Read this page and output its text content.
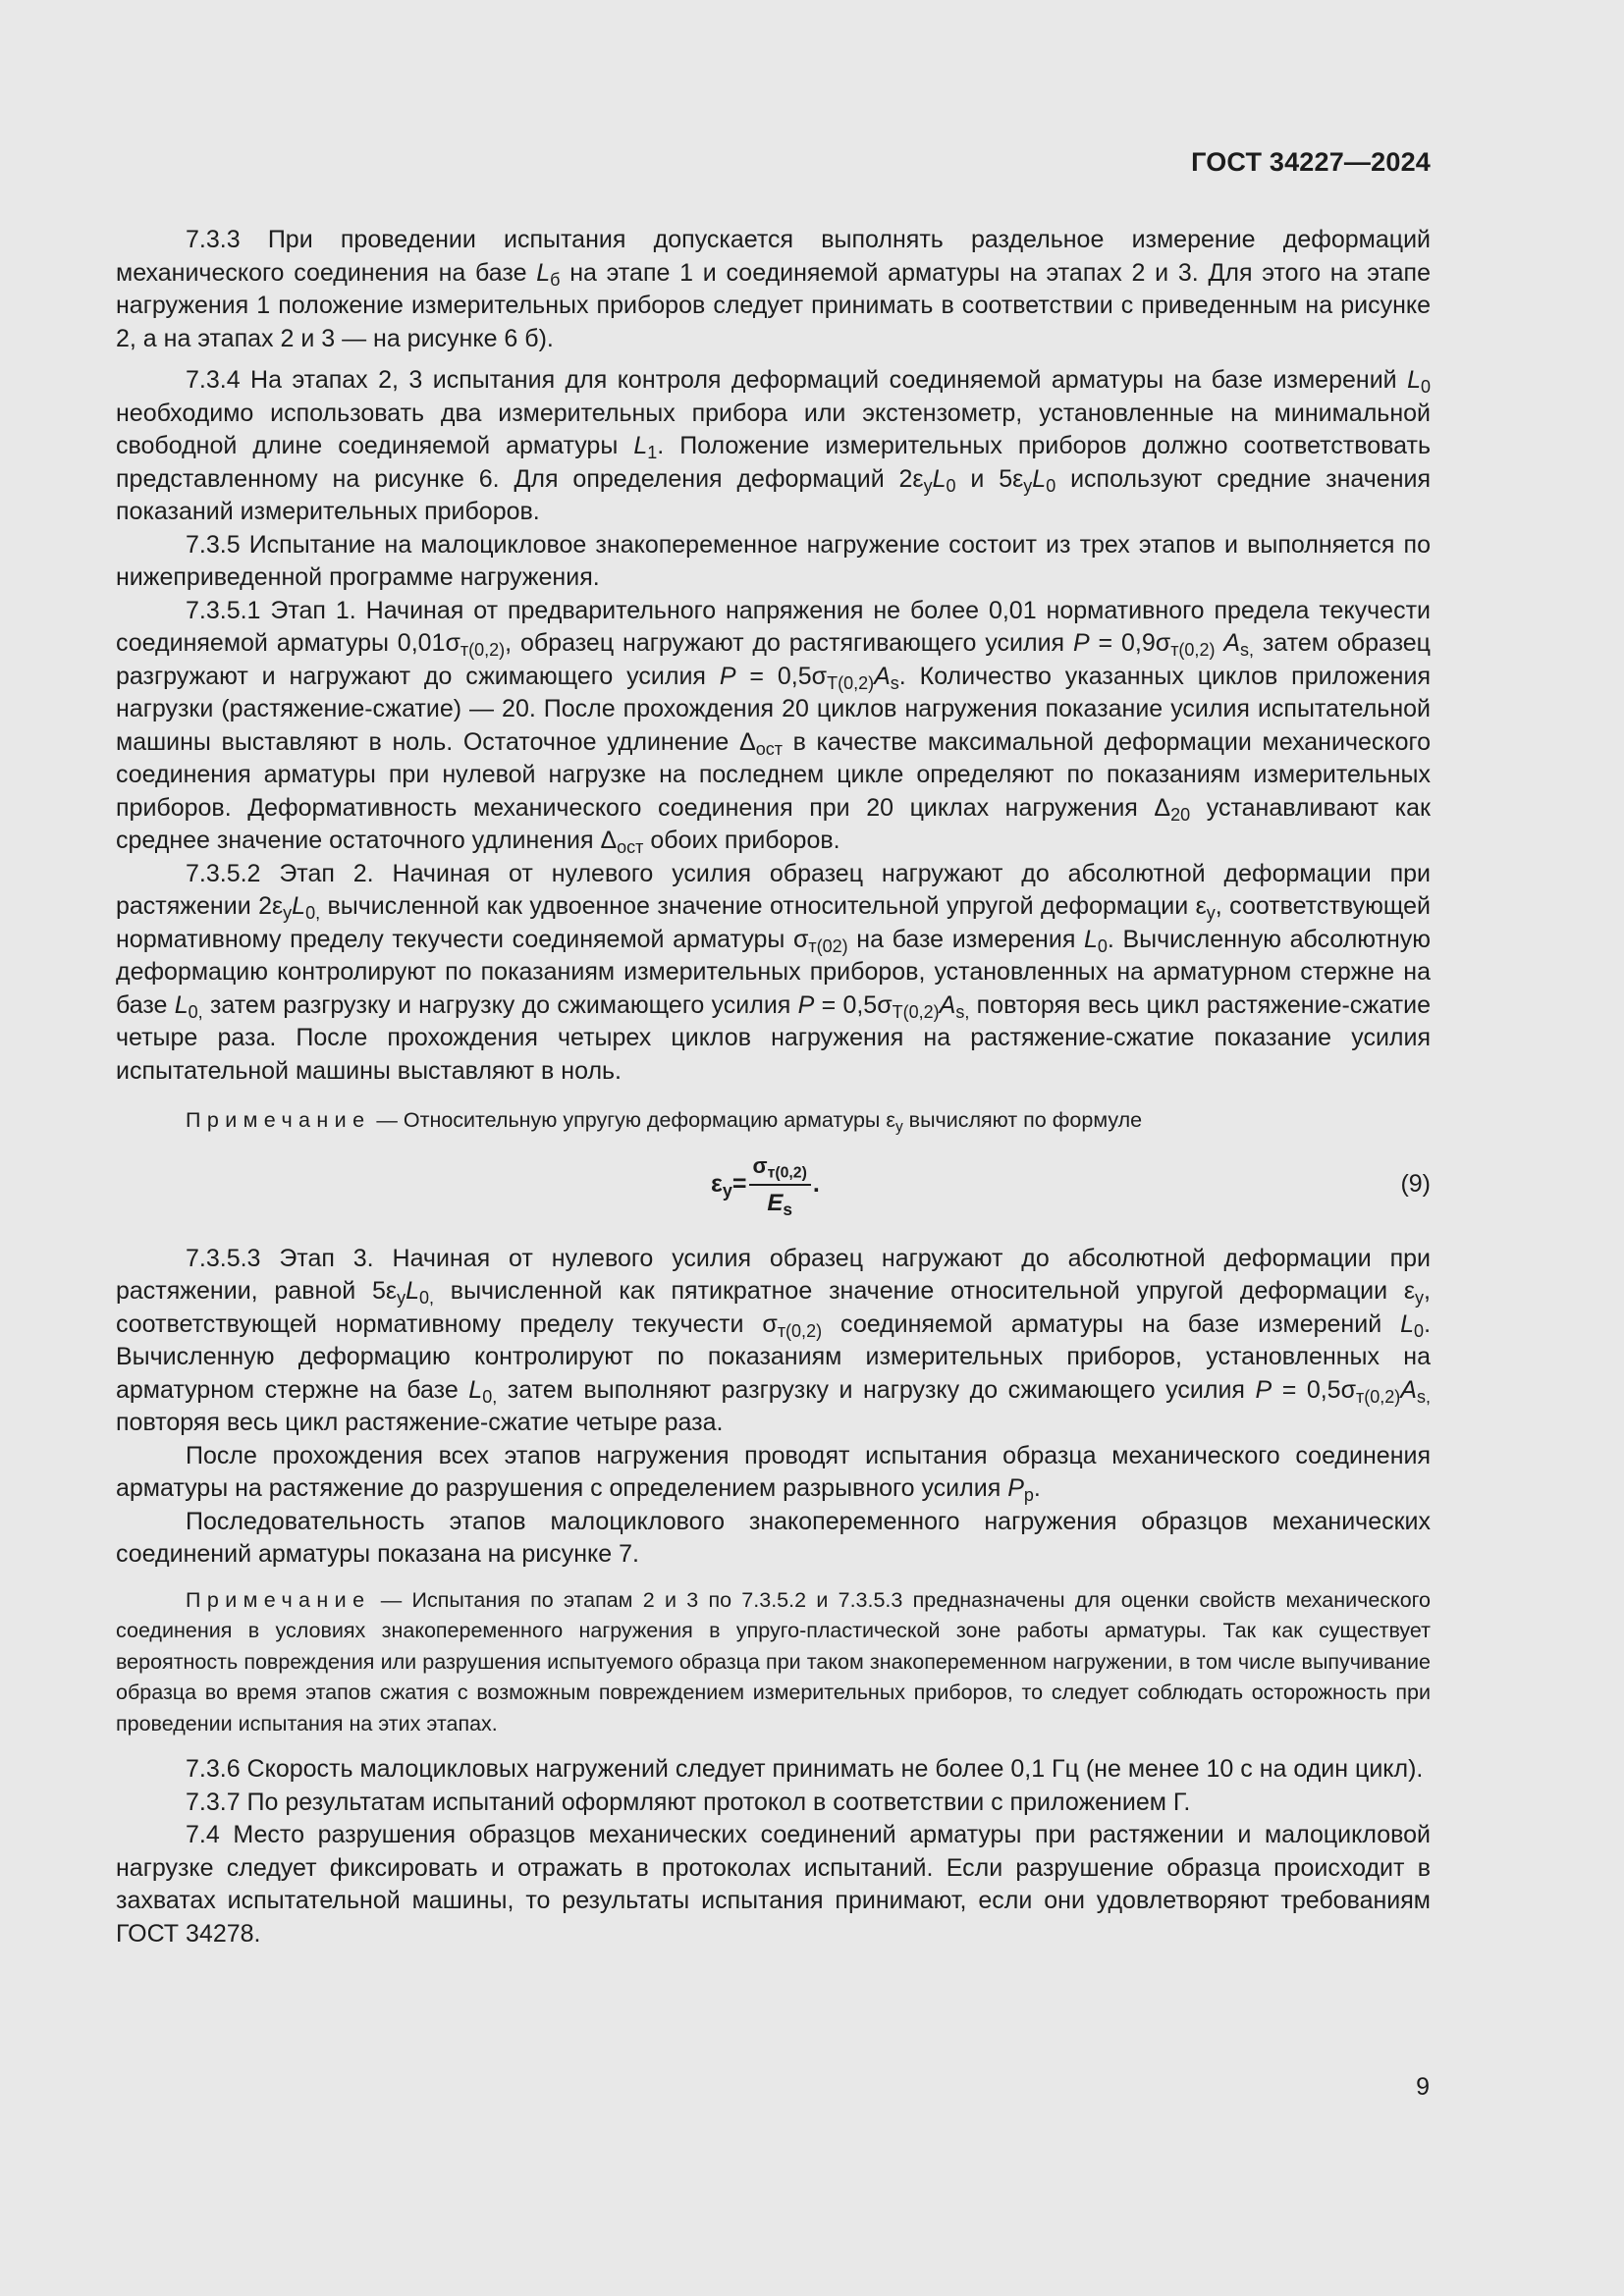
ГОСТ 34227—2024

7.3.3 При проведении испытания допускается выполнять раздельное измерение деформаций механического соединения на базе $L_б$ на этапе 1 и соединяемой арматуры на этапах 2 и 3. Для этого на этапе нагружения 1 положение измерительных приборов следует принимать в соответствии с приведенным на рисунке 2, а на этапах 2 и 3 — на рисунке 6 б).

7.3.4 На этапах 2, 3 испытания для контроля деформаций соединяемой арматуры на базе измерений $L_0$ необходимо использовать два измерительных прибора или экстензометр, установленные на минимальной свободной длине соединяемой арматуры $L_1$. Положение измерительных приборов должно соответствовать представленному на рисунке 6. Для определения деформаций $2\varepsilon_yL_0$ и $5\varepsilon_yL_0$ используют средние значения показаний измерительных приборов.

7.3.5 Испытание на малоцикловое знакопеременное нагружение состоит из трех этапов и выполняется по нижеприведенной программе нагружения.

7.3.5.1 Этап 1. Начиная от предварительного напряжения не более 0,01 нормативного предела текучести соединяемой арматуры $0,01\sigma_{т(0,2)}$, образец нагружают до растягивающего усилия $P = 0,9\sigma_{т(0,2)}$ $A_{s,}$ затем образец разгружают и нагружают до сжимающего усилия $P = 0,5\sigma_{T(0,2)}A_s$. Количество указанных циклов приложения нагрузки (растяжение-сжатие) — 20. После прохождения 20 циклов нагружения показание усилия испытательной машины выставляют в ноль. Остаточное удлинение $\Delta_{ост}$ в качестве максимальной деформации механического соединения арматуры при нулевой нагрузке на последнем цикле определяют по показаниям измерительных приборов. Деформативность механического соединения при 20 циклах нагружения $\Delta_{20}$ устанавливают как среднее значение остаточного удлинения $\Delta_{ост}$ обоих приборов.

7.3.5.2 Этап 2. Начиная от нулевого усилия образец нагружают до абсолютной деформации при растяжении $2\varepsilon_yL_{0,}$ вычисленной как удвоенное значение относительной упругой деформации $\varepsilon_y$, соответствующей нормативному пределу текучести соединяемой арматуры $\sigma_{т(02)}$ на базе измерения $L_0$. Вычисленную абсолютную деформацию контролируют по показаниям измерительных приборов, установленных на арматурном стержне на базе $L_{0,}$ затем разгрузку и нагрузку до сжимающего усилия $P = 0,5\sigma_{T(0,2)}A_{s,}$ повторяя весь цикл растяжение-сжатие четыре раза. После прохождения четырех циклов нагружения на растяжение-сжатие показание усилия испытательной машины выставляют в ноль.

Примечание — Относительную упругую деформацию арматуры $\varepsilon_y$ вычисляют по формуле

$\varepsilon_y = \frac{\sigma_{т(0,2)}}{E_s}$ .	(9)

7.3.5.3 Этап 3. Начиная от нулевого усилия образец нагружают до абсолютной деформации при растяжении, равной $5\varepsilon_yL_{0,}$ вычисленной как пятикратное значение относительной упругой деформации $\varepsilon_y$, соответствующей нормативному пределу текучести $\sigma_{т(0,2)}$ соединяемой арматуры на базе измерений $L_0$. Вычисленную деформацию контролируют по показаниям измерительных приборов, установленных на арматурном стержне на базе $L_{0,}$ затем выполняют разгрузку и нагрузку до сжимающего усилия $P = 0,5\sigma_{т(0,2)}A_{s,}$ повторяя весь цикл растяжение-сжатие четыре раза.

После прохождения всех этапов нагружения проводят испытания образца механического соединения арматуры на растяжение до разрушения с определением разрывного усилия $P_p$.

Последовательность этапов малоциклового знакопеременного нагружения образцов механических соединений арматуры показана на рисунке 7.

Примечание — Испытания по этапам 2 и 3 по 7.3.5.2 и 7.3.5.3 предназначены для оценки свойств механического соединения в условиях знакопеременного нагружения в упруго-пластической зоне работы арматуры. Так как существует вероятность повреждения или разрушения испытуемого образца при таком знакопеременном нагружении, в том числе выпучивание образца во время этапов сжатия с возможным повреждением измерительных приборов, то следует соблюдать осторожность при проведении испытания на этих этапах.

7.3.6 Скорость малоцикловых нагружений следует принимать не более 0,1 Гц (не менее 10 с на один цикл).

7.3.7 По результатам испытаний оформляют протокол в соответствии с приложением Г.

7.4 Место разрушения образцов механических соединений арматуры при растяжении и малоцикловой нагрузке следует фиксировать и отражать в протоколах испытаний. Если разрушение образца происходит в захватах испытательной машины, то результаты испытания принимают, если они удовлетворяют требованиям ГОСТ 34278.

9
